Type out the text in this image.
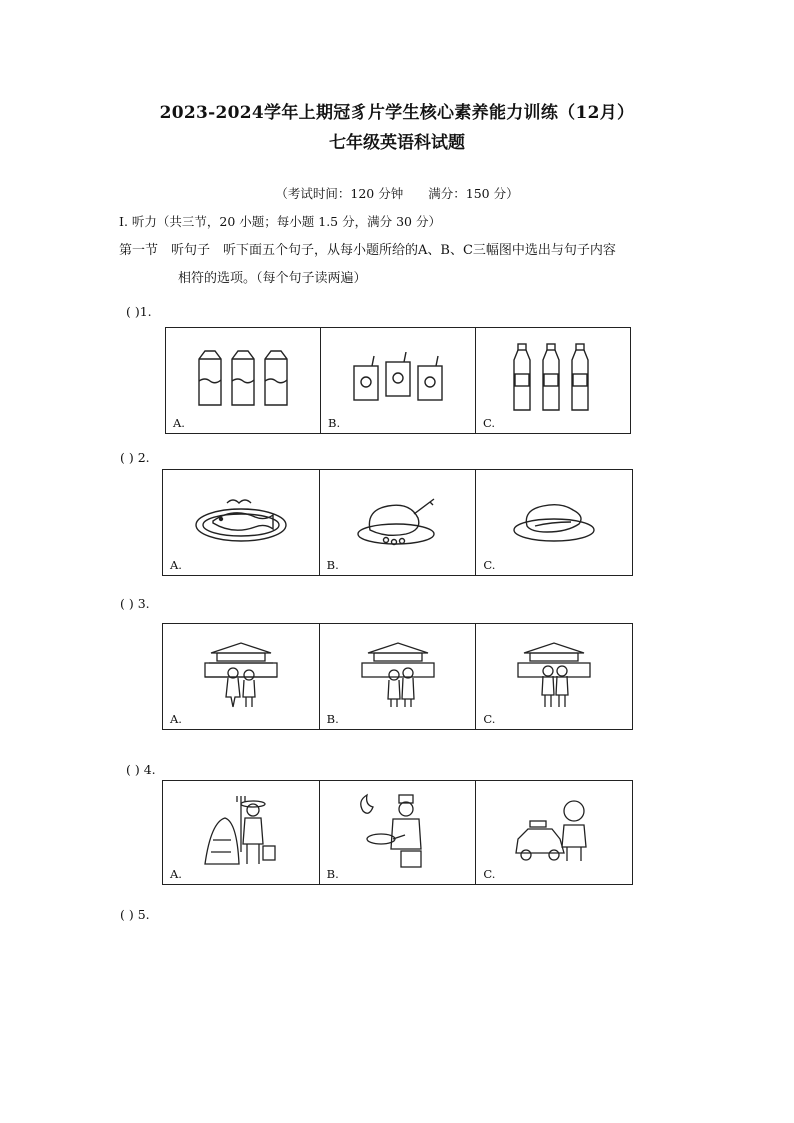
2023-2024学年上期冠豸片学生核心素养能力训练（12月）
七年级英语科试题
（考试时间：120 分钟　　满分：150 分）
I. 听力（共三节，20 小题；每小题 1.5 分，满分 30 分）
第一节　听句子　听下面五个句子，从每小题所给的A、B、C三幅图中选出与句子内容
相符的选项。（每个句子读两遍）
( )1.
A.	B.	C.
( ) 2.
A.	B.	C.
( ) 3.
A.	B.	C.
( ) 4.
A.	B.	C.
( ) 5.
